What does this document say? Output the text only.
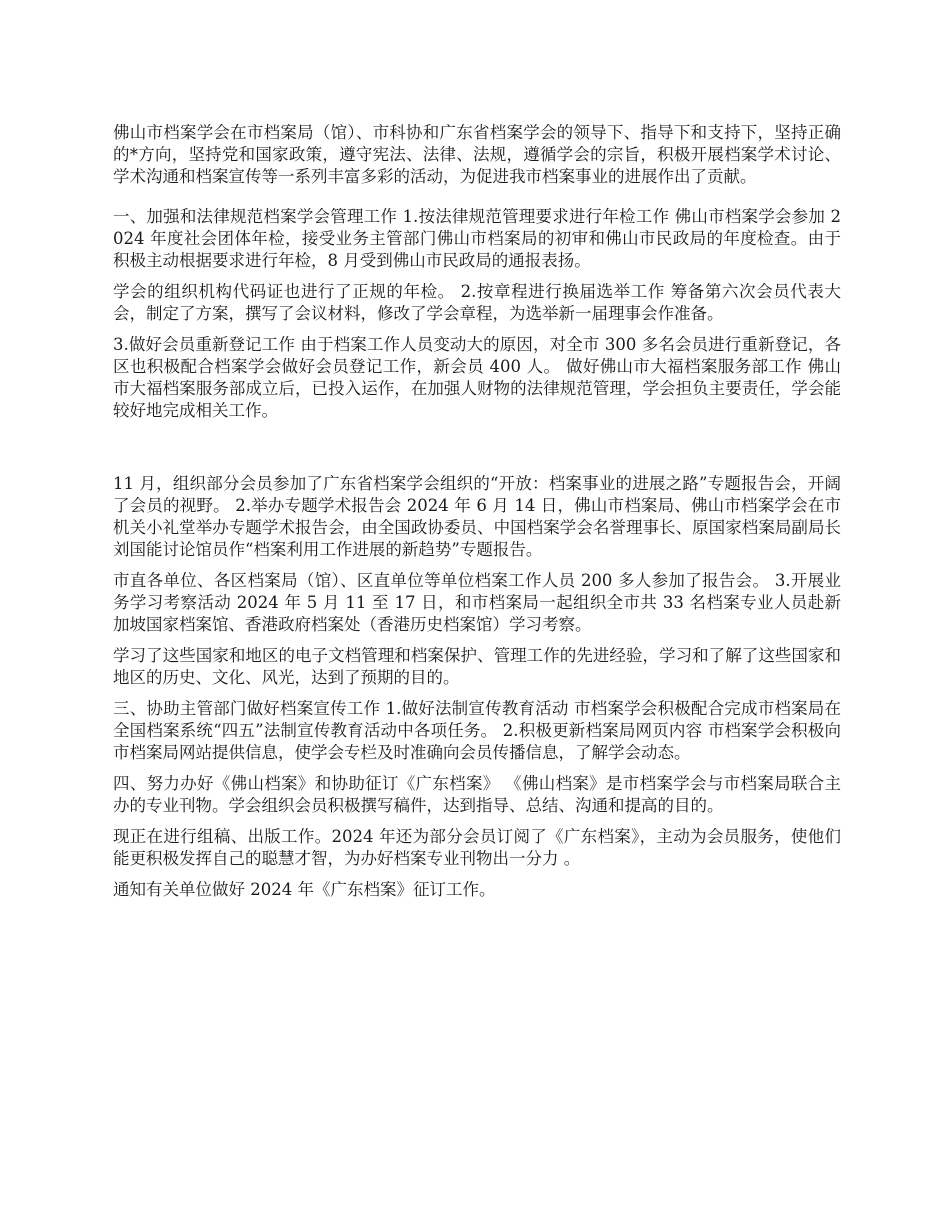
佛山市档案学会在市档案局（馆）、市科协和广东省档案学会的领导下、指导下和支持下，坚持正确的*方向，坚持党和国家政策，遵守宪法、法律、法规，遵循学会的宗旨，积极开展档案学术讨论、学术沟通和档案宣传等一系列丰富多彩的活动，为促进我市档案事业的进展作出了贡献。

一、加强和法律规范档案学会管理工作 1.按法律规范管理要求进行年检工作 佛山市档案学会参加 2024 年度社会团体年检，接受业务主管部门佛山市档案局的初审和佛山市民政局的年度检查。由于积极主动根据要求进行年检，8 月受到佛山市民政局的通报表扬。

学会的组织机构代码证也进行了正规的年检。 2.按章程进行换届选举工作 筹备第六次会员代表大会，制定了方案，撰写了会议材料，修改了学会章程，为选举新一届理事会作准备。

3.做好会员重新登记工作 由于档案工作人员变动大的原因，对全市 300 多名会员进行重新登记，各区也积极配合档案学会做好会员登记工作，新会员 400 人。 做好佛山市大福档案服务部工作 佛山市大福档案服务部成立后，已投入运作，在加强人财物的法律规范管理，学会担负主要责任，学会能较好地完成相关工作。

11 月，组织部分会员参加了广东省档案学会组织的“开放：档案事业的进展之路”专题报告会，开阔了会员的视野。 2.举办专题学术报告会 2024 年 6 月 14 日，佛山市档案局、佛山市档案学会在市机关小礼堂举办专题学术报告会，由全国政协委员、中国档案学会名誉理事长、原国家档案局副局长刘国能讨论馆员作“档案利用工作进展的新趋势”专题报告。

市直各单位、各区档案局（馆）、区直单位等单位档案工作人员 200 多人参加了报告会。 3.开展业务学习考察活动 2024 年 5 月 11 至 17 日，和市档案局一起组织全市共 33 名档案专业人员赴新加坡国家档案馆、香港政府档案处（香港历史档案馆）学习考察。

学习了这些国家和地区的电子文档管理和档案保护、管理工作的先进经验，学习和了解了这些国家和地区的历史、文化、风光，达到了预期的目的。

三、协助主管部门做好档案宣传工作 1.做好法制宣传教育活动 市档案学会积极配合完成市档案局在全国档案系统“四五”法制宣传教育活动中各项任务。 2.积极更新档案局网页内容 市档案学会积极向市档案局网站提供信息，使学会专栏及时准确向会员传播信息，了解学会动态。

四、努力办好《佛山档案》和协助征订《广东档案》 《佛山档案》是市档案学会与市档案局联合主办的专业刊物。学会组织会员积极撰写稿件，达到指导、总结、沟通和提高的目的。

现正在进行组稿、出版工作。2024 年还为部分会员订阅了《广东档案》，主动为会员服务，使他们能更积极发挥自己的聪慧才智，为办好档案专业刊物出一分力 。

通知有关单位做好 2024 年《广东档案》征订工作。
